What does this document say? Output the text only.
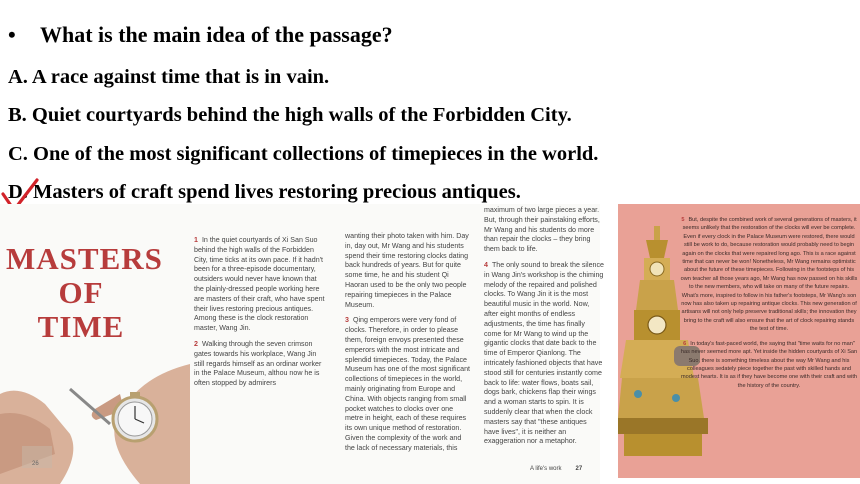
• What is the main idea of the passage?
A. A race against time that is in vain.
B. Quiet courtyards behind the high walls of the Forbidden City.
C. One of the most significant collections of timepieces in the world.
D. Masters of craft spend lives restoring precious antiques.
MASTERS
OF
TIME

1 In the quiet courtyards of Xi San Suo behind the high walls of the Forbidden City, time ticks at its own pace. If it hadn't been for a three-episode documentary, outsiders would never have known that the plainly-dressed people working here are masters of their craft, who have spent their lives restoring precious antiques. Among these is the clock restoration master, Wang Jin.

2 Walking through the seven crimson gates towards his workplace, Wang Jin still regards himself as an ordinar worker in the Palace Museum, althou now he is often stopped by admirers

wanting their photo taken with him. Day in, day out, Mr Wang and his students spend their time restoring clocks dating back hundreds of years. But for quite some time, he and his student Qi Haoran used to be the only two people repairing timepieces in the Palace Museum.

3 Qing emperors were very fond of clocks. Therefore, in order to please them, foreign envoys presented these emperors with the most intricate and splendid timepieces. Today, the Palace Museum has one of the most significant collections of timepieces in the world, mainly originating from Europe and China. With objects ranging from small pocket watches to clocks over one metre in height, each of these requires its own unique method of restoration. Given the complexity of the work and the lack of necessary materials, this

maximum of two large pieces a year. But, through their painstaking efforts, Mr Wang and his students do more than repair the clocks – they bring them back to life.

4 The only sound to break the silence in Wang Jin's workshop is the chiming melody of the repaired and polished clocks. To Wang Jin it is the most beautiful music in the world. Now, after eight months of endless adjustments, the time has finally come for Mr Wang to wind up the gigantic clocks that date back to the time of Emperor Qianlong. The intricately fashioned objects that have stood still for centuries instantly come back to life: water flows, boats sail, dogs bark, chickens flap their wings and a woman starts to spin. It is suddenly clear that when the clock masters say that "these antiques have lives", it is neither an exaggeration nor a metaphor.

26
A life's work 27

5 But, despite the combined work of several generations of masters, it seems unlikely that the restoration of the clocks will ever be complete. Even if every clock in the Palace Museum were restored, there would still be work to do, because restoration would probably need to begin again on the clocks that were repaired long ago. This is a race against time that can never be won! Nonetheless, Mr Wang remains optimistic about the future of these timepieces. Following in the footsteps of his own teacher all those years ago, Mr Wang has now passed on his skills to the new members, who will take on many of the future repairs. What's more, inspired to follow in his father's footsteps, Mr Wang's son now has also taken up repairing antique clocks. This new generation of artisans will not only help preserve traditional skills; the innovation they bring to the craft will also ensure that the art of clock repairing stands the test of time.

6 In today's fast-paced world, the saying that "time waits for no man" has never seemed more apt. Yet inside the hidden courtyards of Xi San Suo, there is something timeless about the way Mr Wang and his colleagues sedately piece together the past with skilled hands and modest hearts. It is as if they have become one with their craft and with the history of the country.
